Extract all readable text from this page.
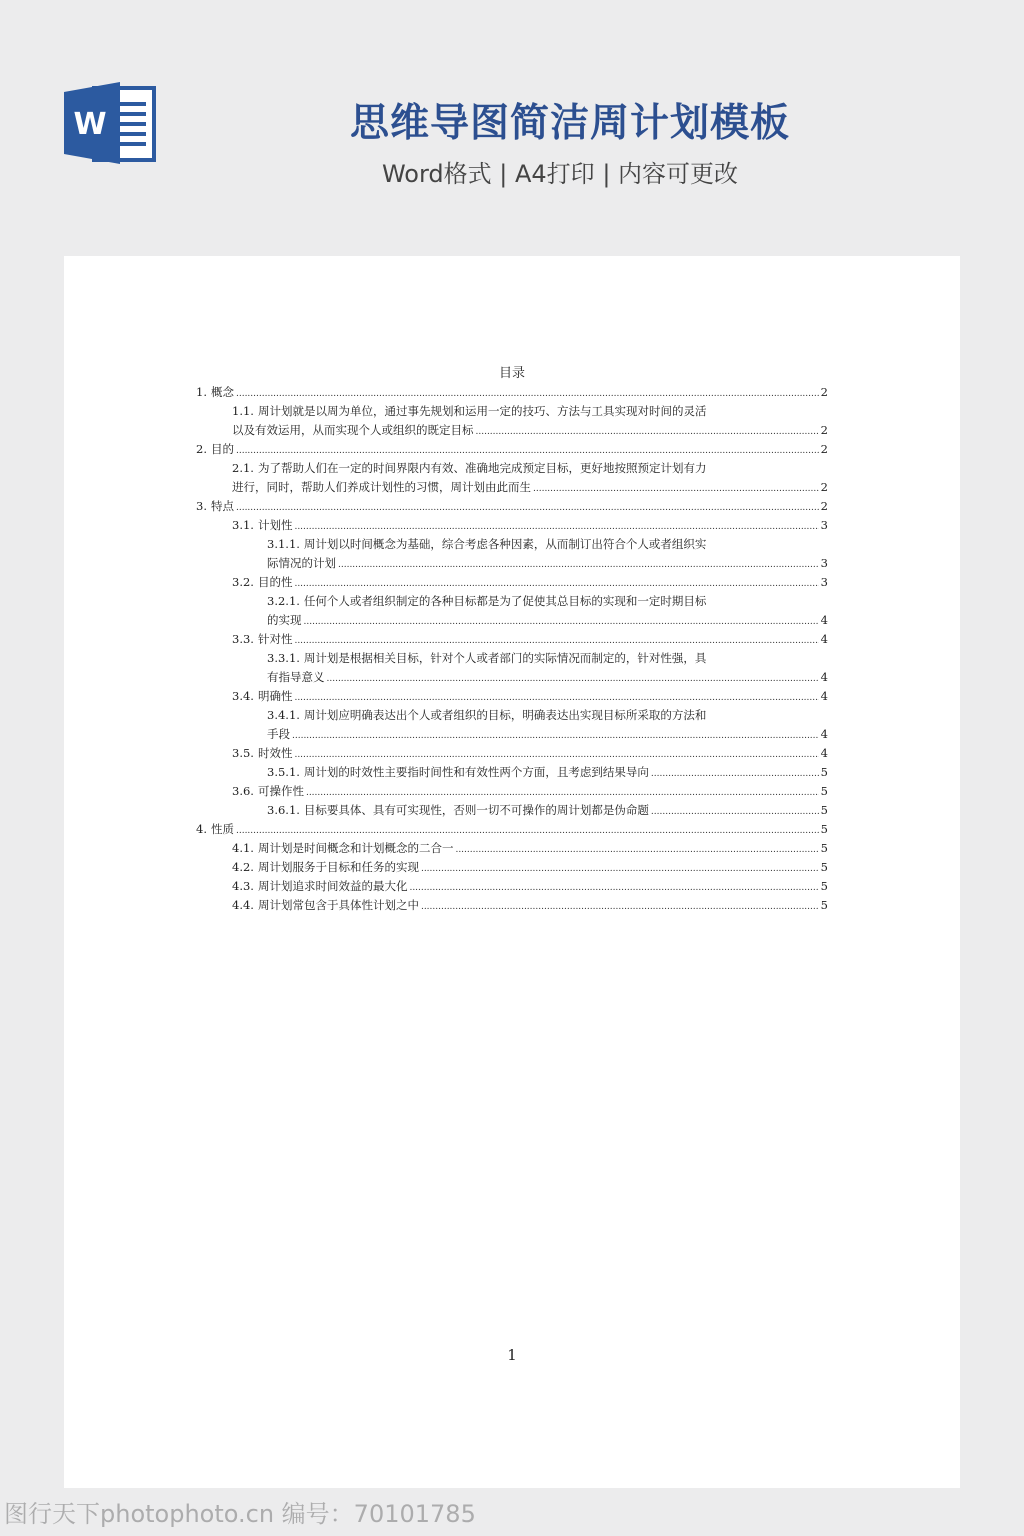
W	思维导图简洁周计划模板
Word格式 | A4打印 | 内容可更改
目录
1. 概念 .....	2
1.1. 周计划就是以周为单位，通过事先规划和运用一定的技巧、方法与工具实现对时间的灵活
以及有效运用，从而实现个人或组织的既定目标 .....	2
2. 目的 .....	2
2.1. 为了帮助人们在一定的时间界限内有效、准确地完成预定目标，更好地按照预定计划有力
进行，同时，帮助人们养成计划性的习惯，周计划由此而生 .....	2
3. 特点 .....	2
3.1. 计划性 .....	3
3.1.1. 周计划以时间概念为基础，综合考虑各种因素，从而制订出符合个人或者组织实
际情况的计划 .....	3
3.2. 目的性 .....	3
3.2.1. 任何个人或者组织制定的各种目标都是为了促使其总目标的实现和一定时期目标
的实现 .....	4
3.3. 针对性 .....	4
3.3.1. 周计划是根据相关目标，针对个人或者部门的实际情况而制定的，针对性强，具
有指导意义 .....	4
3.4. 明确性 .....	4
3.4.1. 周计划应明确表达出个人或者组织的目标，明确表达出实现目标所采取的方法和
手段 .....	4
3.5. 时效性 .....	4
3.5.1. 周计划的时效性主要指时间性和有效性两个方面，且考虑到结果导向 .....	5
3.6. 可操作性 .....	5
3.6.1. 目标要具体、具有可实现性，否则一切不可操作的周计划都是伪命题 .....	5
4. 性质 .....	5
4.1. 周计划是时间概念和计划概念的二合一 .....	5
4.2. 周计划服务于目标和任务的实现 .....	5
4.3. 周计划追求时间效益的最大化 .....	5
4.4. 周计划常包含于具体性计划之中 .....	5
1
图行天下photophoto.cn 编号：70101785
